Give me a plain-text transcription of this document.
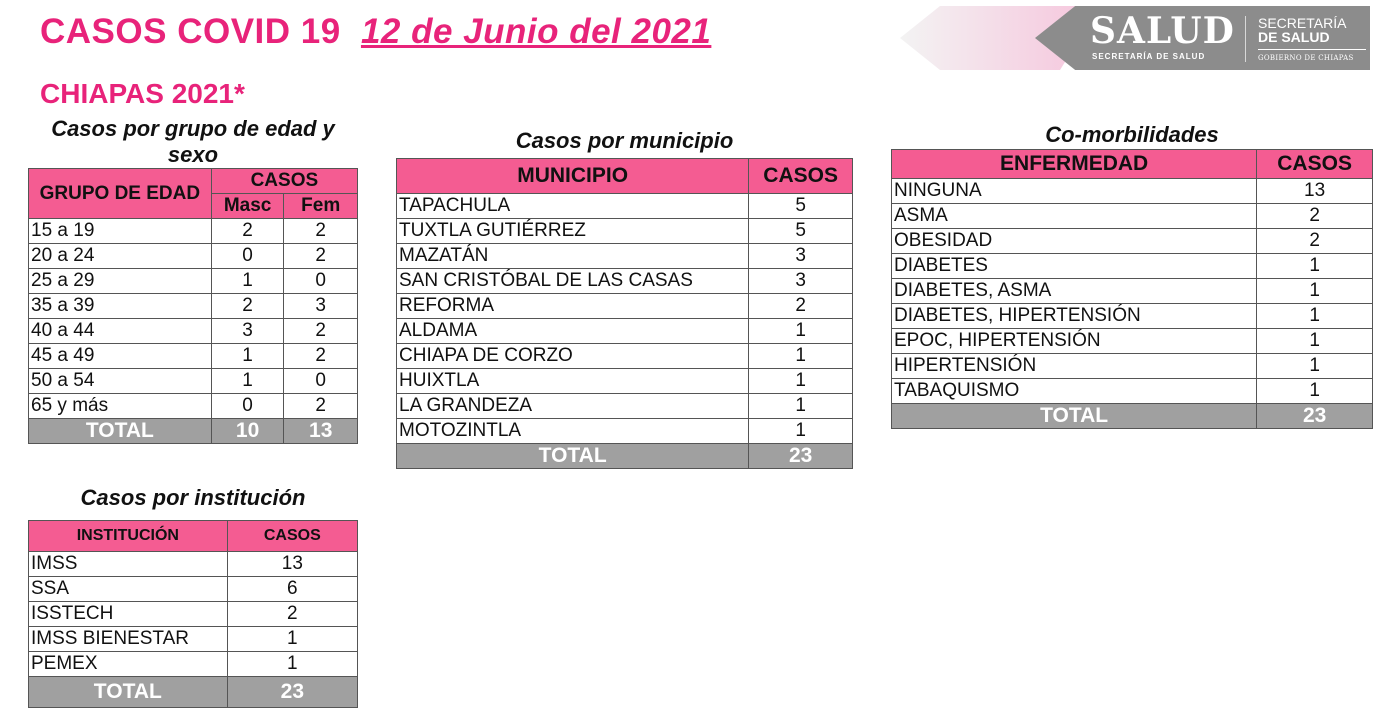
CASOS COVID 19 12 de Junio del 2021
CHIAPAS 2021*
SALUD
SECRETARÍA DE SALUD
SECRETARÍA
DE SALUD
GOBIERNO DE CHIAPAS
Casos por grupo de edad y sexo
GRUPO DE EDAD	CASOS	
	Masc	Fem
15 a 19	2	2
20 a 24	0	2
25 a 29	1	0
35 a 39	2	3
40 a 44	3	2
45 a 49	1	2
50 a 54	1	0
65 y más	0	2
TOTAL	10	13
Casos por municipio
MUNICIPIO	CASOS
TAPACHULA	5
TUXTLA GUTIÉRREZ	5
MAZATÁN	3
SAN CRISTÓBAL DE LAS CASAS	3
REFORMA	2
ALDAMA	1
CHIAPA DE CORZO	1
HUIXTLA	1
LA GRANDEZA	1
MOTOZINTLA	1
TOTAL	23
Co-morbilidades
ENFERMEDAD	CASOS
NINGUNA	13
ASMA	2
OBESIDAD	2
DIABETES	1
DIABETES, ASMA	1
DIABETES, HIPERTENSIÓN	1
EPOC, HIPERTENSIÓN	1
HIPERTENSIÓN	1
TABAQUISMO	1
TOTAL	23
Casos por institución
INSTITUCIÓN	CASOS
IMSS	13
SSA	6
ISSTECH	2
IMSS BIENESTAR	1
PEMEX	1
TOTAL	23
